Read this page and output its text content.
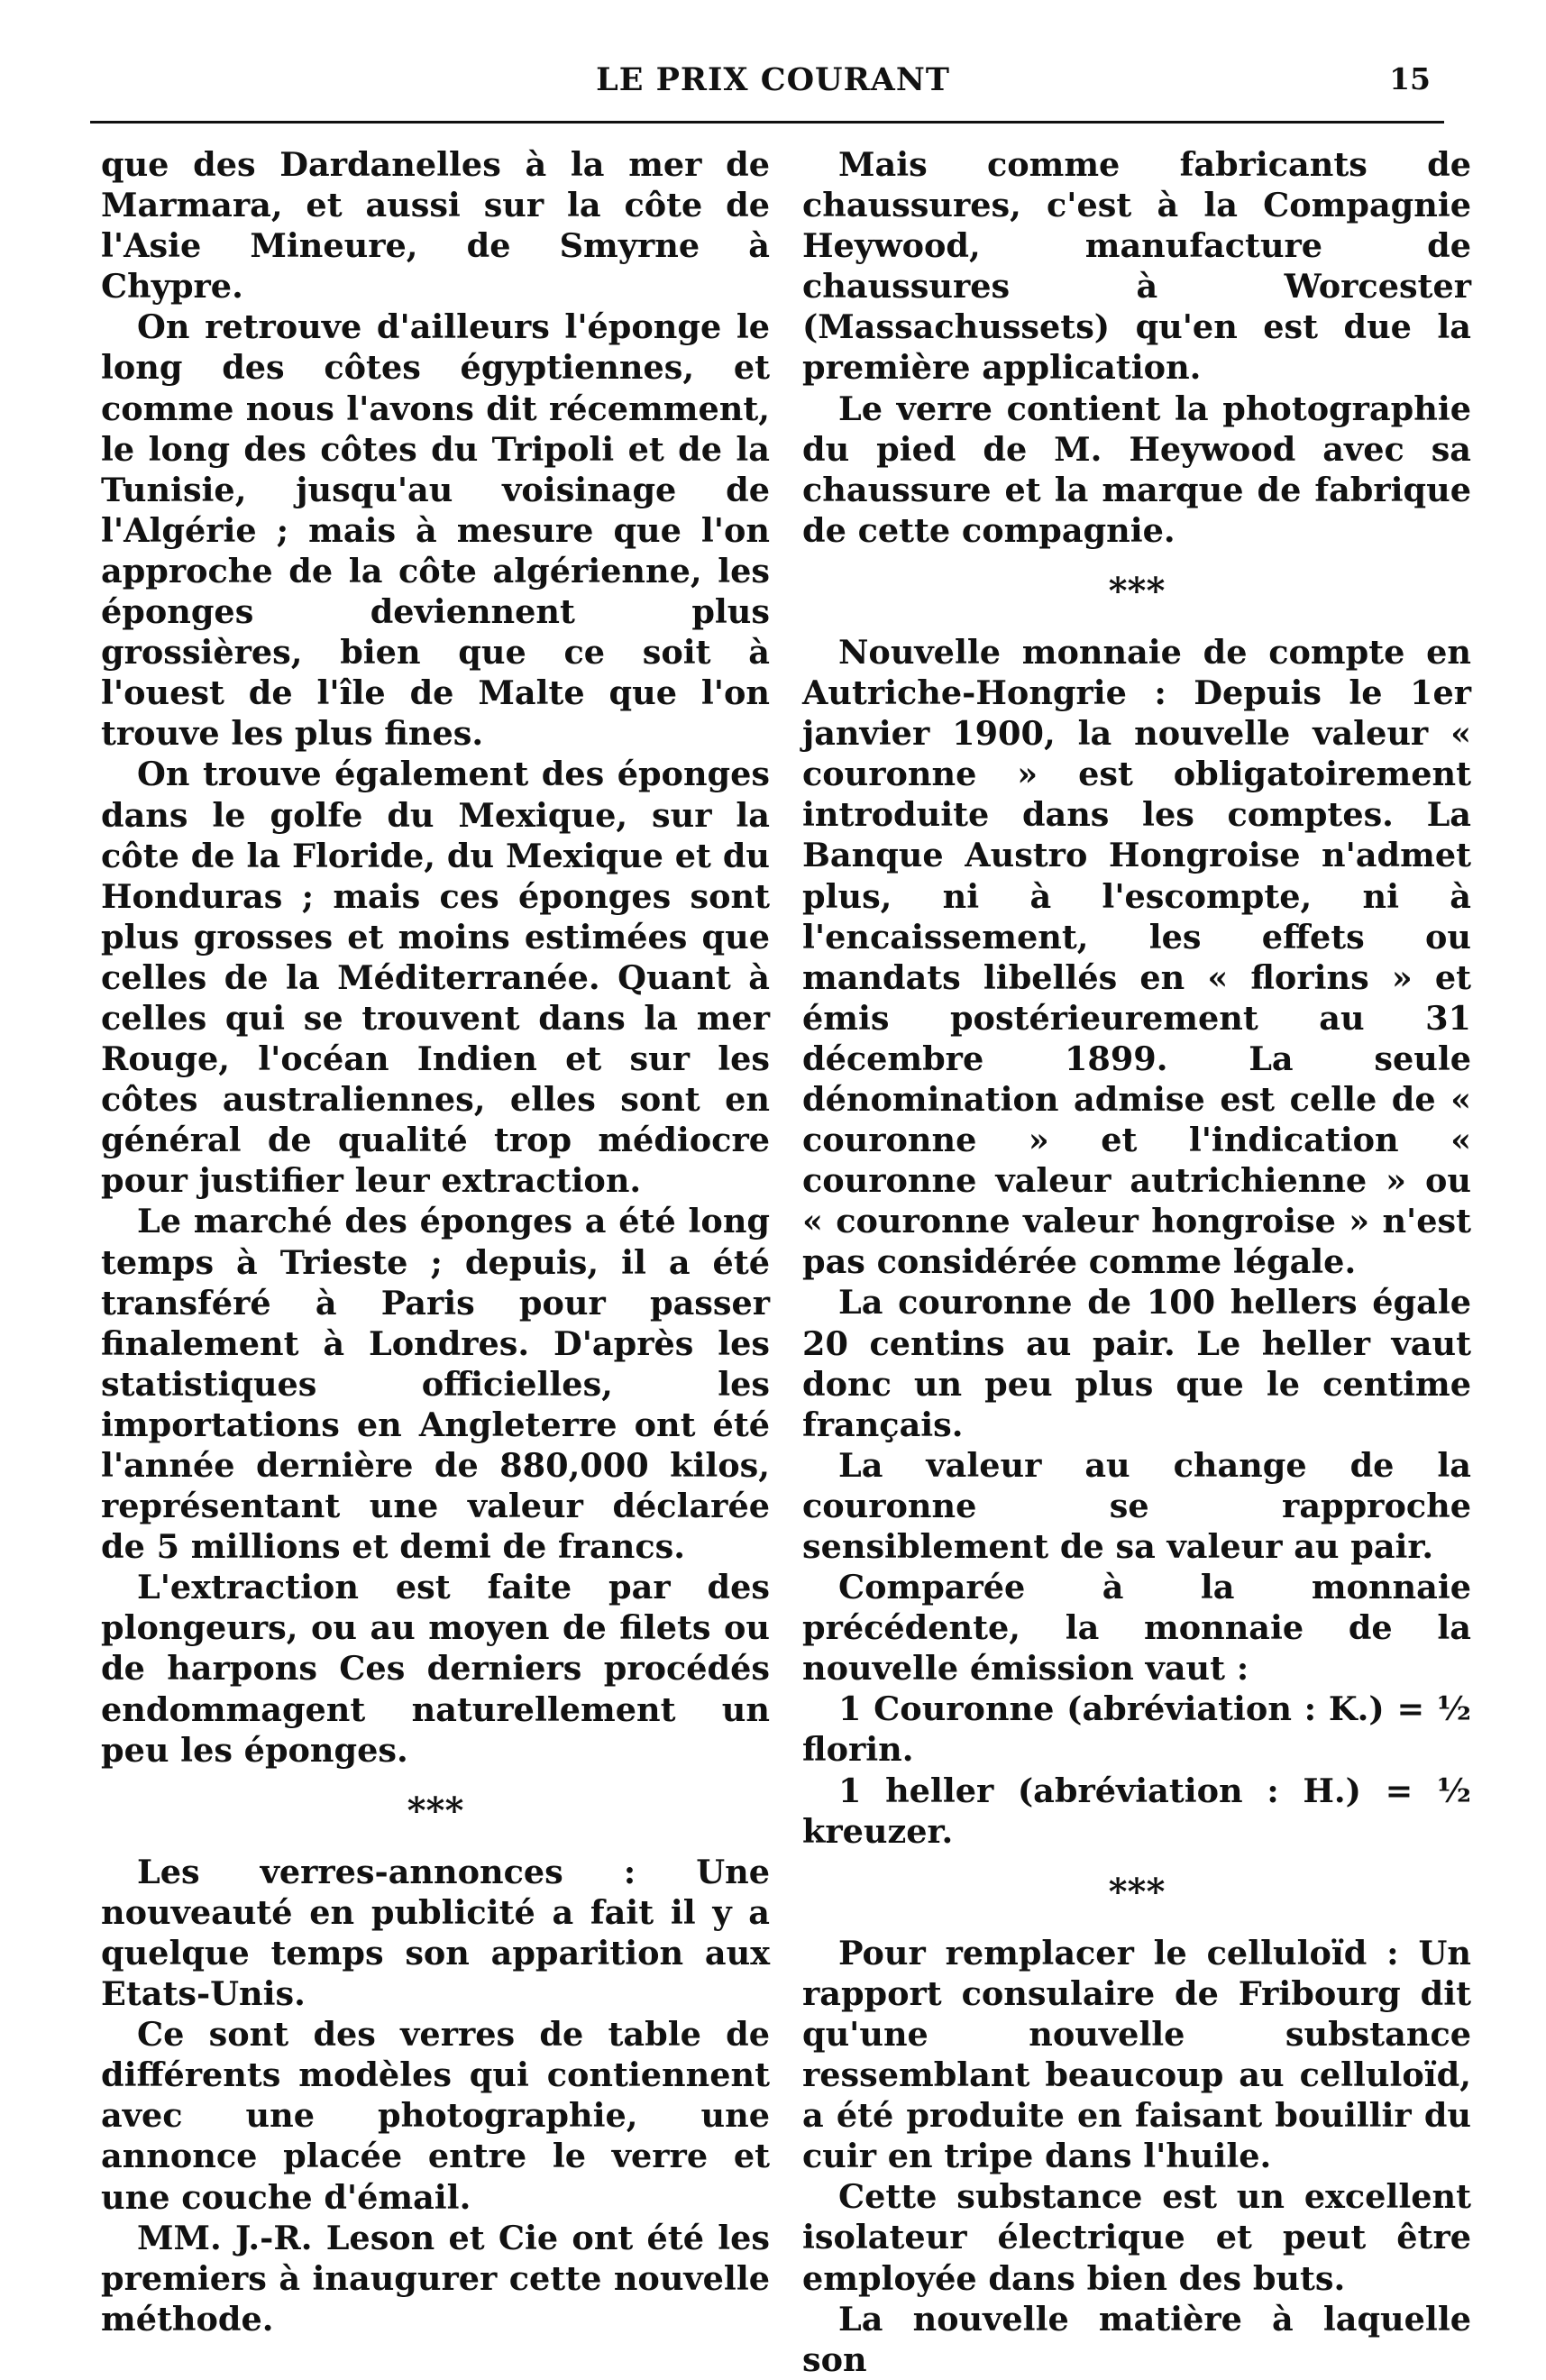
LE PRIX COURANT	15

que des Dardanelles à la mer de Marmara, et aussi sur la côte de l'Asie Mineure, de Smyrne à Chypre.

On retrouve d'ailleurs l'éponge le long des côtes égyptiennes, et comme nous l'avons dit récemment, le long des côtes du Tripoli et de la Tunisie, jusqu'au voisinage de l'Algérie ; mais à mesure que l'on approche de la côte algérienne, les éponges deviennent plus grossières, bien que ce soit à l'ouest de l'île de Malte que l'on trouve les plus fines.

On trouve également des éponges dans le golfe du Mexique, sur la côte de la Floride, du Mexique et du Honduras ; mais ces éponges sont plus grosses et moins estimées que celles de la Méditerranée. Quant à celles qui se trouvent dans la mer Rouge, l'océan Indien et sur les côtes australiennes, elles sont en général de qualité trop médiocre pour justifier leur extraction.

Le marché des éponges a été long temps à Trieste ; depuis, il a été transféré à Paris pour passer finalement à Londres. D'après les statistiques officielles, les importations en Angleterre ont été l'année dernière de 880,000 kilos, représentant une valeur déclarée de 5 millions et demi de francs.

L'extraction est faite par des plongeurs, ou au moyen de filets ou de harpons Ces derniers procédés endommagent naturellement un peu les éponges.

***

Les verres-annonces : Une nouveauté en publicité a fait il y a quelque temps son apparition aux Etats-Unis.

Ce sont des verres de table de différents modèles qui contiennent avec une photographie, une annonce placée entre le verre et une couche d'émail.

MM. J.-R. Leson et Cie ont été les premiers à inaugurer cette nouvelle méthode.

Mais comme fabricants de chaussures, c'est à la Compagnie Heywood, manufacture de chaussures à Worcester (Massachussets) qu'en est due la première application.

Le verre contient la photographie du pied de M. Heywood avec sa chaussure et la marque de fabrique de cette compagnie.

***

Nouvelle monnaie de compte en Autriche-Hongrie : Depuis le 1er janvier 1900, la nouvelle valeur « couronne » est obligatoirement introduite dans les comptes. La Banque Austro Hongroise n'admet plus, ni à l'escompte, ni à l'encaissement, les effets ou mandats libellés en « florins » et émis postérieurement au 31 décembre 1899. La seule dénomination admise est celle de « couronne » et l'indication « couronne valeur autrichienne » ou « couronne valeur hongroise » n'est pas considérée comme légale.

La couronne de 100 hellers égale 20 centins au pair. Le heller vaut donc un peu plus que le centime français.

La valeur au change de la couronne se rapproche sensiblement de sa valeur au pair.

Comparée à la monnaie précédente, la monnaie de la nouvelle émission vaut :

1 Couronne (abréviation : K.) = ½ florin.

1 heller (abréviation : H.) = ½ kreuzer.

***

Pour remplacer le celluloïd : Un rapport consulaire de Fribourg dit qu'une nouvelle substance ressemblant beaucoup au celluloïd, a été produite en faisant bouillir du cuir en tripe dans l'huile.

Cette substance est un excellent isolateur électrique et peut être employée dans bien des buts.

La nouvelle matière à laquelle son
